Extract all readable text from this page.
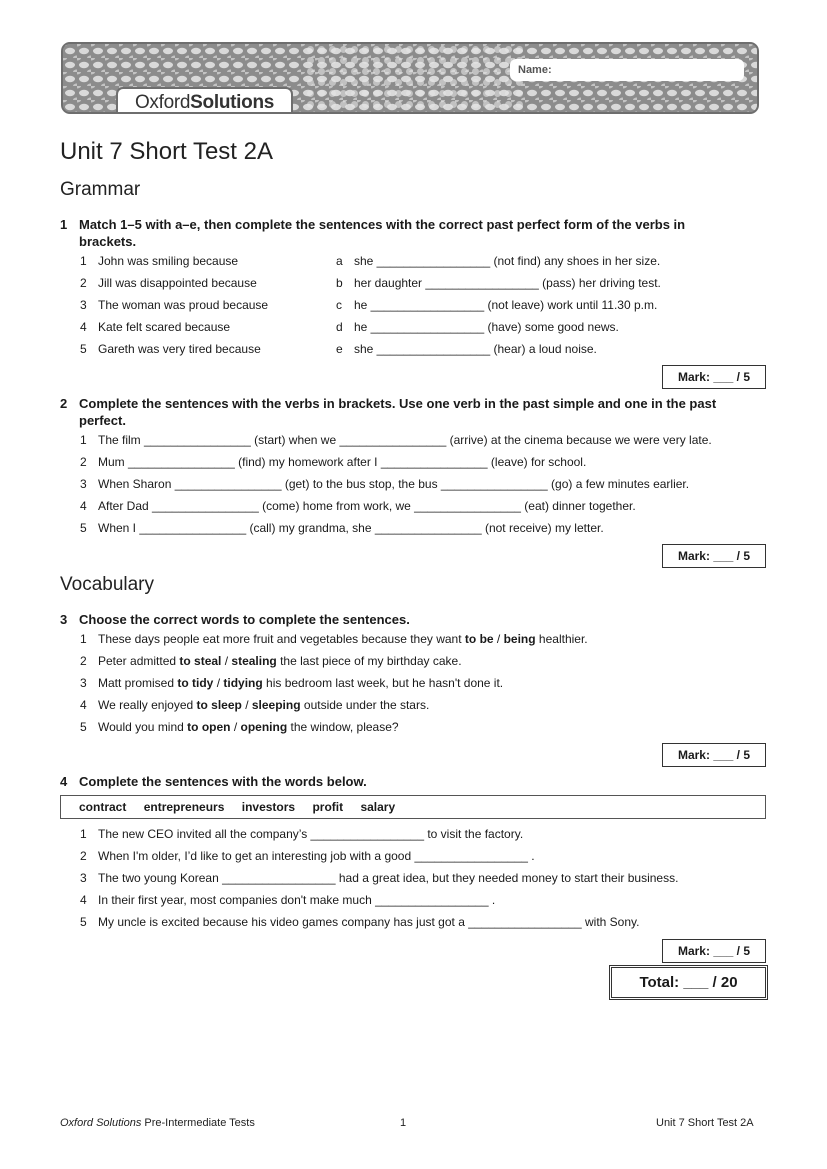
Name:
OxfordSolutions
Unit 7 Short Test 2A
Grammar
1 Match 1–5 with a–e, then complete the sentences with the correct past perfect form of the verbs in brackets.
1 John was smiling because
2 Jill was disappointed because
3 The woman was proud because
4 Kate felt scared because
5 Gareth was very tired because
a she _________________ (not find) any shoes in her size.
b her daughter _________________ (pass) her driving test.
c he _________________ (not leave) work until 11.30 p.m.
d he _________________ (have) some good news.
e she _________________ (hear) a loud noise.
Mark: ___ / 5
2 Complete the sentences with the verbs in brackets. Use one verb in the past simple and one in the past perfect.
1 The film ________________ (start) when we ________________ (arrive) at the cinema because we were very late.
2 Mum ________________ (find) my homework after I ________________ (leave) for school.
3 When Sharon ________________ (get) to the bus stop, the bus ________________ (go) a few minutes earlier.
4 After Dad ________________ (come) home from work, we ________________ (eat) dinner together.
5 When I ________________ (call) my grandma, she ________________ (not receive) my letter.
Mark: ___ / 5
Vocabulary
3 Choose the correct words to complete the sentences.
1 These days people eat more fruit and vegetables because they want to be / being healthier.
2 Peter admitted to steal / stealing the last piece of my birthday cake.
3 Matt promised to tidy / tidying his bedroom last week, but he hasn't done it.
4 We really enjoyed to sleep / sleeping outside under the stars.
5 Would you mind to open / opening the window, please?
Mark: ___ / 5
4 Complete the sentences with the words below.
contract entrepreneurs investors profit salary
1 The new CEO invited all the company’s _________________ to visit the factory.
2 When I'm older, I’d like to get an interesting job with a good _________________ .
3 The two young Korean _________________ had a great idea, but they needed money to start their business.
4 In their first year, most companies don't make much _________________ .
5 My uncle is excited because his video games company has just got a _________________ with Sony.
Mark: ___ / 5
Total: ___ / 20
Oxford Solutions Pre-Intermediate Tests	1	Unit 7 Short Test 2A
